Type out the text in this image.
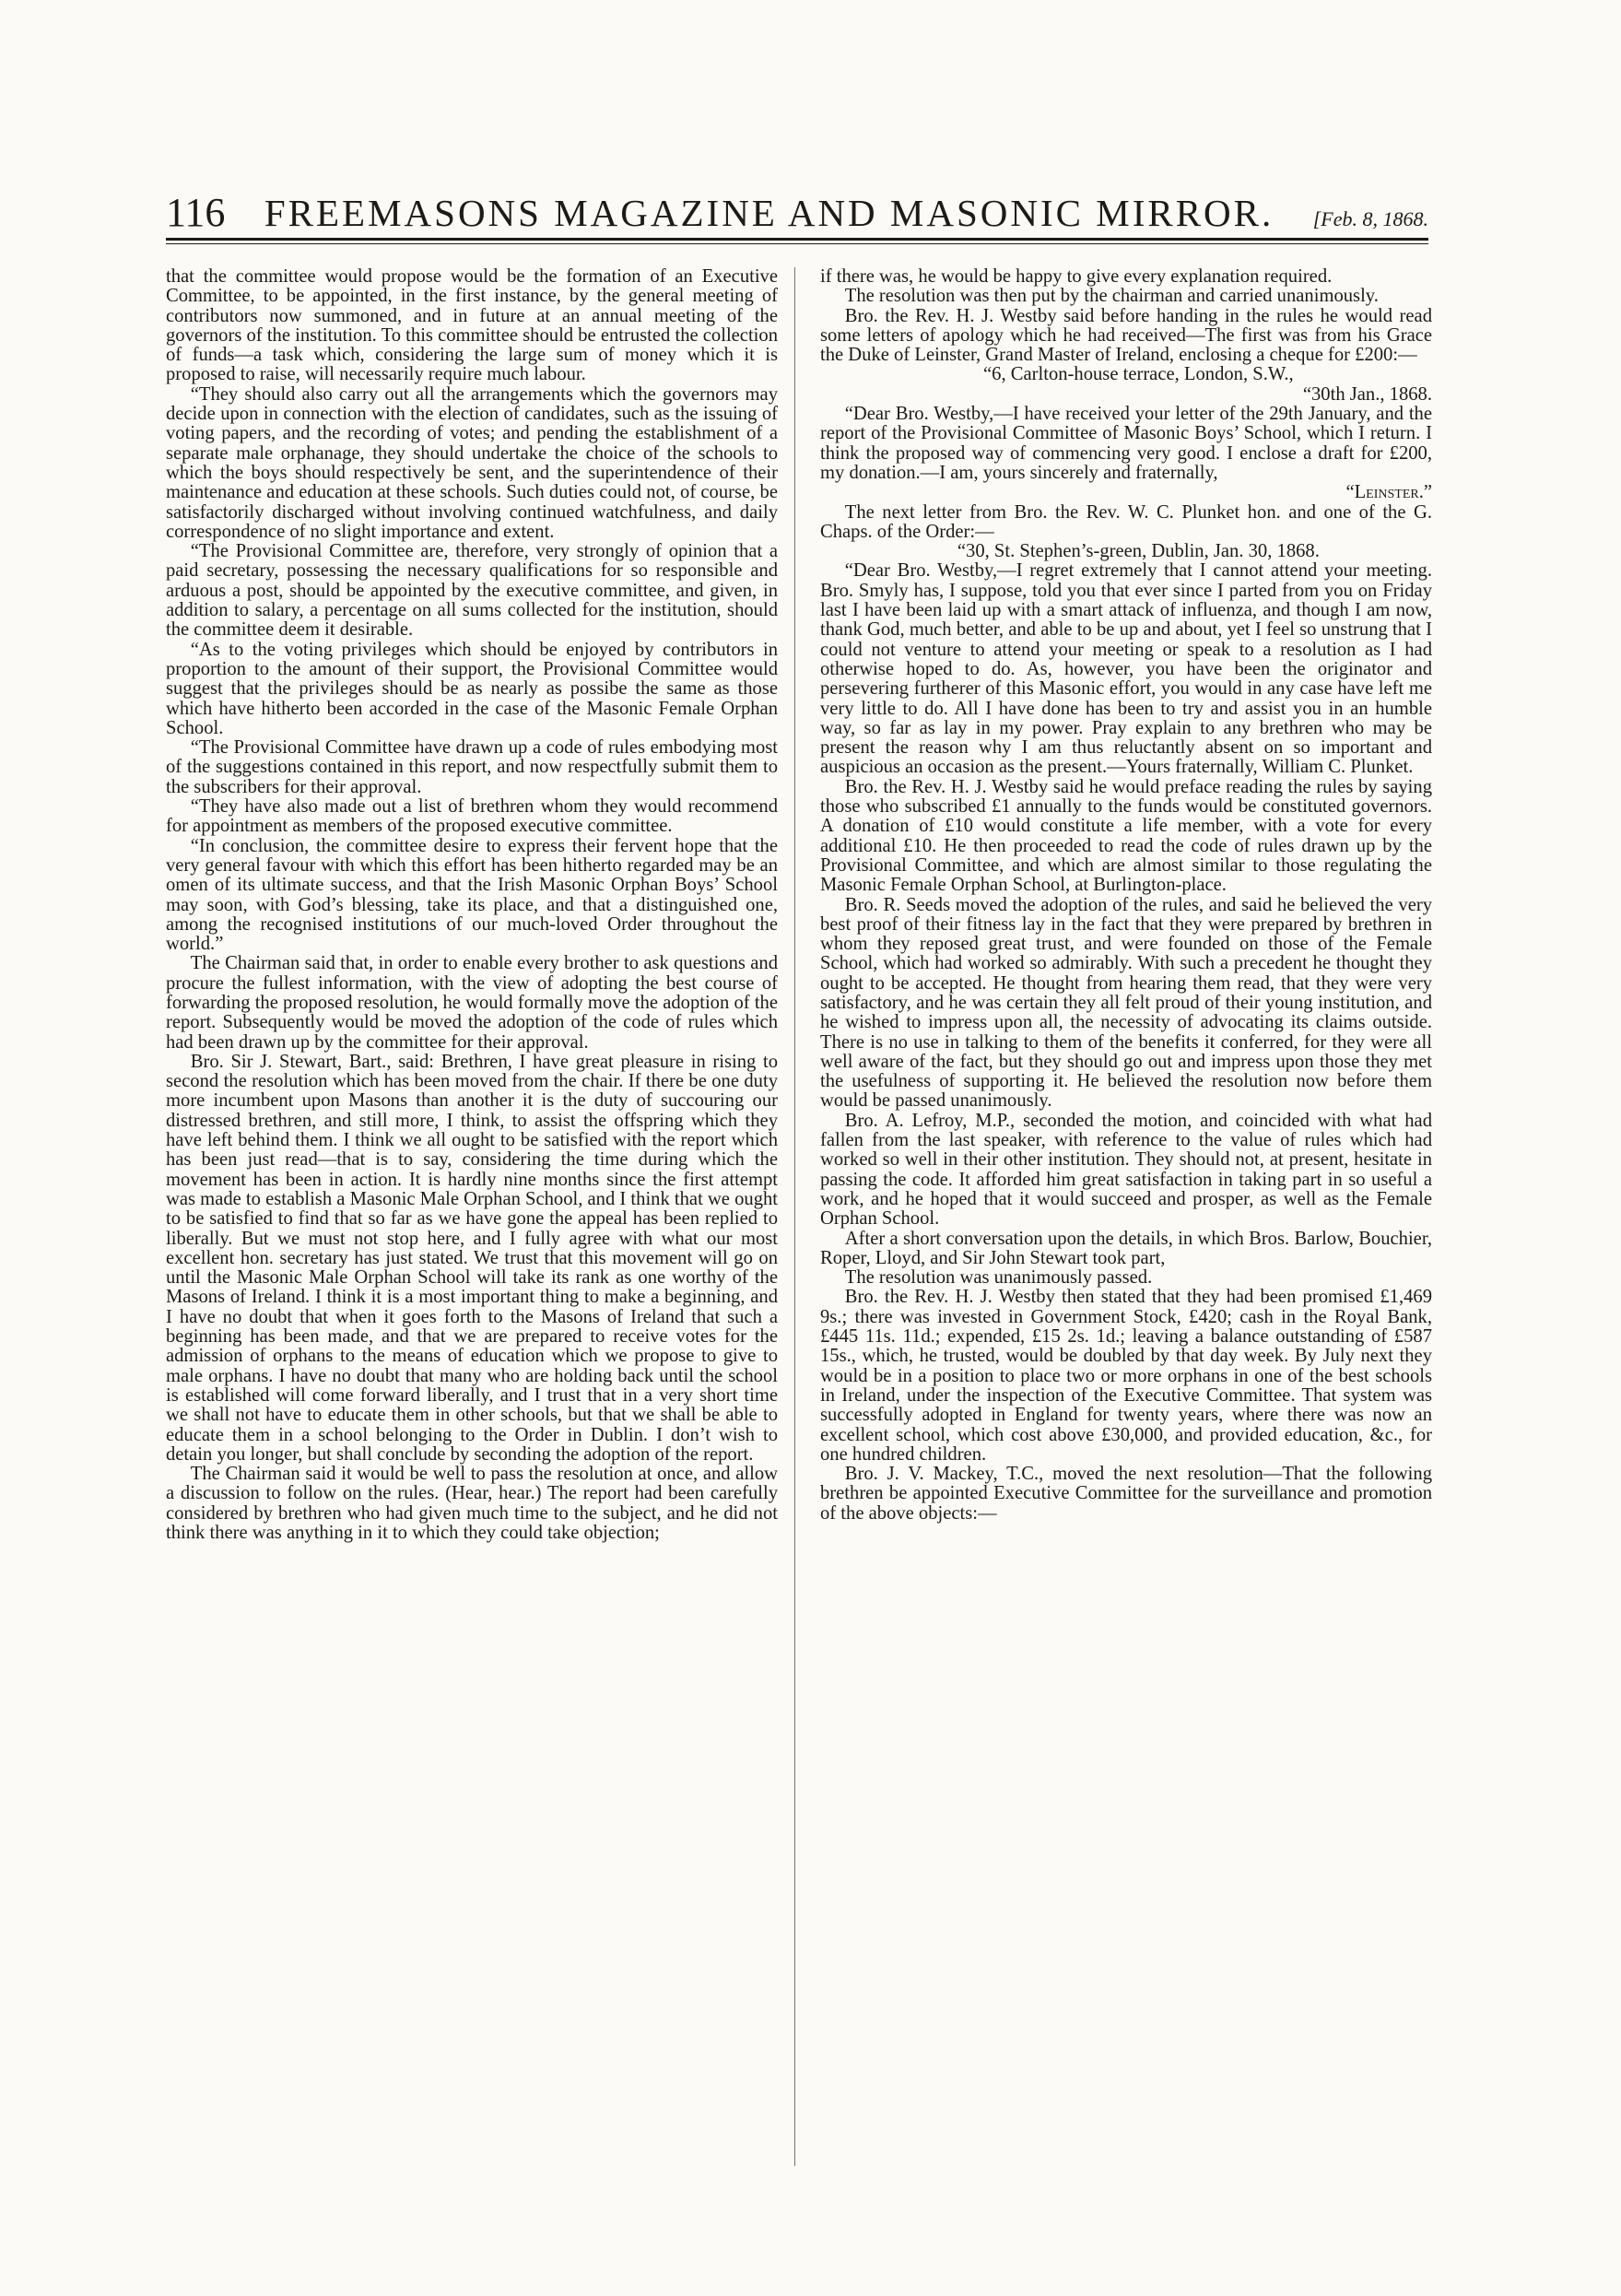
116 FREEMASONS MAGAZINE AND MASONIC MIRROR. [Feb. 8, 1868.

that the committee would propose would be the formation of an Executive Committee, to be appointed, in the first instance, by the general meeting of contributors now summoned, and in future at an annual meeting of the governors of the institution. To this committee should be entrusted the collection of funds—a task which, considering the large sum of money which it is proposed to raise, will necessarily require much labour.

“They should also carry out all the arrangements which the governors may decide upon in connection with the election of candidates, such as the issuing of voting papers, and the recording of votes; and pending the establishment of a separate male orphanage, they should undertake the choice of the schools to which the boys should respectively be sent, and the superintendence of their maintenance and education at these schools. Such duties could not, of course, be satisfactorily discharged without involving continued watchfulness, and daily correspondence of no slight importance and extent.

“The Provisional Committee are, therefore, very strongly of opinion that a paid secretary, possessing the necessary qualifications for so responsible and arduous a post, should be appointed by the executive committee, and given, in addition to salary, a percentage on all sums collected for the institution, should the committee deem it desirable.

“As to the voting privileges which should be enjoyed by contributors in proportion to the amount of their support, the Provisional Committee would suggest that the privileges should be as nearly as possibe the same as those which have hitherto been accorded in the case of the Masonic Female Orphan School.

“The Provisional Committee have drawn up a code of rules embodying most of the suggestions contained in this report, and now respectfully submit them to the subscribers for their approval.

“They have also made out a list of brethren whom they would recommend for appointment as members of the proposed executive committee.

“In conclusion, the committee desire to express their fervent hope that the very general favour with which this effort has been hitherto regarded may be an omen of its ultimate success, and that the Irish Masonic Orphan Boys’ School may soon, with God’s blessing, take its place, and that a distinguished one, among the recognised institutions of our much-loved Order throughout the world.”

The Chairman said that, in order to enable every brother to ask questions and procure the fullest information, with the view of adopting the best course of forwarding the proposed resolution, he would formally move the adoption of the report. Subsequently would be moved the adoption of the code of rules which had been drawn up by the committee for their approval.

Bro. Sir J. Stewart, Bart., said: Brethren, I have great pleasure in rising to second the resolution which has been moved from the chair. If there be one duty more incumbent upon Masons than another it is the duty of succouring our distressed brethren, and still more, I think, to assist the offspring which they have left behind them. I think we all ought to be satisfied with the report which has been just read—that is to say, considering the time during which the movement has been in action. It is hardly nine months since the first attempt was made to establish a Masonic Male Orphan School, and I think that we ought to be satisfied to find that so far as we have gone the appeal has been replied to liberally. But we must not stop here, and I fully agree with what our most excellent hon. secretary has just stated. We trust that this movement will go on until the Masonic Male Orphan School will take its rank as one worthy of the Masons of Ireland. I think it is a most important thing to make a beginning, and I have no doubt that when it goes forth to the Masons of Ireland that such a beginning has been made, and that we are prepared to receive votes for the admission of orphans to the means of education which we propose to give to male orphans. I have no doubt that many who are holding back until the school is established will come forward liberally, and I trust that in a very short time we shall not have to educate them in other schools, but that we shall be able to educate them in a school belonging to the Order in Dublin. I don’t wish to detain you longer, but shall conclude by seconding the adoption of the report.

The Chairman said it would be well to pass the resolution at once, and allow a discussion to follow on the rules. (Hear, hear.) The report had been carefully considered by brethren who had given much time to the subject, and he did not think there was anything in it to which they could take objection;

if there was, he would be happy to give every explanation required.

The resolution was then put by the chairman and carried unanimously.

Bro. the Rev. H. J. Westby said before handing in the rules he would read some letters of apology which he had received—The first was from his Grace the Duke of Leinster, Grand Master of Ireland, enclosing a cheque for £200:—

“6, Carlton-house terrace, London, S.W.,

“30th Jan., 1868.

“Dear Bro. Westby,—I have received your letter of the 29th January, and the report of the Provisional Committee of Masonic Boys’ School, which I return. I think the proposed way of commencing very good. I enclose a draft for £200, my donation.—I am, yours sincerely and fraternally,

“Leinster.”

The next letter from Bro. the Rev. W. C. Plunket hon. and one of the G. Chaps. of the Order:—

“30, St. Stephen’s-green, Dublin, Jan. 30, 1868.

“Dear Bro. Westby,—I regret extremely that I cannot attend your meeting. Bro. Smyly has, I suppose, told you that ever since I parted from you on Friday last I have been laid up with a smart attack of influenza, and though I am now, thank God, much better, and able to be up and about, yet I feel so unstrung that I could not venture to attend your meeting or speak to a resolution as I had otherwise hoped to do. As, however, you have been the originator and persevering furtherer of this Masonic effort, you would in any case have left me very little to do. All I have done has been to try and assist you in an humble way, so far as lay in my power. Pray explain to any brethren who may be present the reason why I am thus reluctantly absent on so important and auspicious an occasion as the present.—Yours fraternally, William C. Plunket.

Bro. the Rev. H. J. Westby said he would preface reading the rules by saying those who subscribed £1 annually to the funds would be constituted governors. A donation of £10 would constitute a life member, with a vote for every additional £10. He then proceeded to read the code of rules drawn up by the Provisional Committee, and which are almost similar to those regulating the Masonic Female Orphan School, at Burlington-place.

Bro. R. Seeds moved the adoption of the rules, and said he believed the very best proof of their fitness lay in the fact that they were prepared by brethren in whom they reposed great trust, and were founded on those of the Female School, which had worked so admirably. With such a precedent he thought they ought to be accepted. He thought from hearing them read, that they were very satisfactory, and he was certain they all felt proud of their young institution, and he wished to impress upon all, the necessity of advocating its claims outside. There is no use in talking to them of the benefits it conferred, for they were all well aware of the fact, but they should go out and impress upon those they met the usefulness of supporting it. He believed the resolution now before them would be passed unanimously.

Bro. A. Lefroy, M.P., seconded the motion, and coincided with what had fallen from the last speaker, with reference to the value of rules which had worked so well in their other institution. They should not, at present, hesitate in passing the code. It afforded him great satisfaction in taking part in so useful a work, and he hoped that it would succeed and prosper, as well as the Female Orphan School.

After a short conversation upon the details, in which Bros. Barlow, Bouchier, Roper, Lloyd, and Sir John Stewart took part,

The resolution was unanimously passed.

Bro. the Rev. H. J. Westby then stated that they had been promised £1,469 9s.; there was invested in Government Stock, £420; cash in the Royal Bank, £445 11s. 11d.; expended, £15 2s. 1d.; leaving a balance outstanding of £587 15s., which, he trusted, would be doubled by that day week. By July next they would be in a position to place two or more orphans in one of the best schools in Ireland, under the inspection of the Executive Committee. That system was successfully adopted in England for twenty years, where there was now an excellent school, which cost above £30,000, and provided education, &c., for one hundred children.

Bro. J. V. Mackey, T.C., moved the next resolution—That the following brethren be appointed Executive Committee for the surveillance and promotion of the above objects:—
